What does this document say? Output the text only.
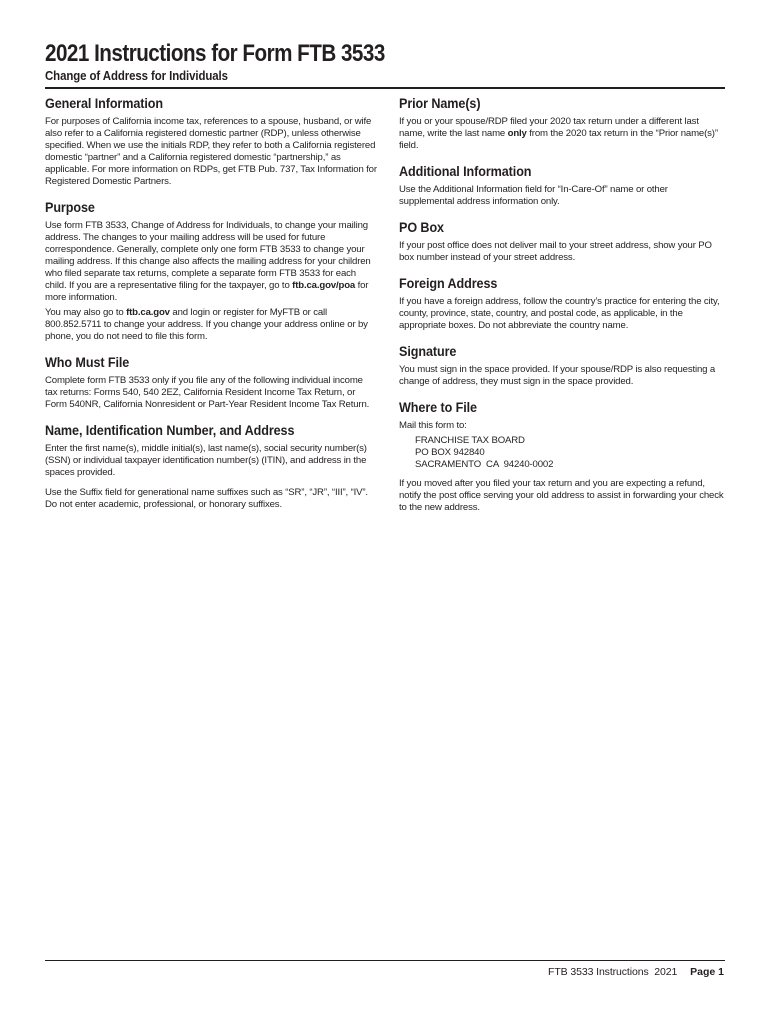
2021 Instructions for Form FTB 3533
Change of Address for Individuals
General Information

For purposes of California income tax, references to a spouse, husband, or wife also refer to a California registered domestic partner (RDP), unless otherwise specified. When we use the initials RDP, they refer to both a California registered domestic “partner” and a California registered domestic “partnership,” as applicable. For more information on RDPs, get FTB Pub. 737, Tax Information for Registered Domestic Partners.

Purpose

Use form FTB 3533, Change of Address for Individuals, to change your mailing address. The changes to your mailing address will be used for future correspondence. Generally, complete only one form FTB 3533 to change your mailing address. If this change also affects the mailing address for your children who filed separate tax returns, complete a separate form FTB 3533 for each child. If you are a representative filing for the taxpayer, go to ftb.ca.gov/poa for more information.

You may also go to ftb.ca.gov and login or register for MyFTB or call 800.852.5711 to change your address. If you change your address online or by phone, you do not need to file this form.

Who Must File

Complete form FTB 3533 only if you file any of the following individual income tax returns: Forms 540, 540 2EZ, California Resident Income Tax Return, or Form 540NR, California Nonresident or Part-Year Resident Income Tax Return.

Name, Identification Number, and Address

Enter the first name(s), middle initial(s), last name(s), social security number(s) (SSN) or individual taxpayer identification number(s) (ITIN), and address in the spaces provided.

Use the Suffix field for generational name suffixes such as “SR”, “JR”, “III”, “IV”. Do not enter academic, professional, or honorary suffixes.

Prior Name(s)

If you or your spouse/RDP filed your 2020 tax return under a different last name, write the last name only from the 2020 tax return in the “Prior name(s)” field.

Additional Information

Use the Additional Information field for “In-Care-Of” name or other supplemental address information only.

PO Box

If your post office does not deliver mail to your street address, show your PO box number instead of your street address.

Foreign Address

If you have a foreign address, follow the country’s practice for entering the city, county, province, state, country, and postal code, as applicable, in the appropriate boxes. Do not abbreviate the country name.

Signature

You must sign in the space provided. If your spouse/RDP is also requesting a change of address, they must sign in the space provided.

Where to File

Mail this form to:

FRANCHISE TAX BOARD
PO BOX 942840
SACRAMENTO  CA  94240-0002

If you moved after you filed your tax return and you are expecting a refund, notify the post office serving your old address to assist in forwarding your check to the new address.

FTB 3533 Instructions  2021 Page 1
